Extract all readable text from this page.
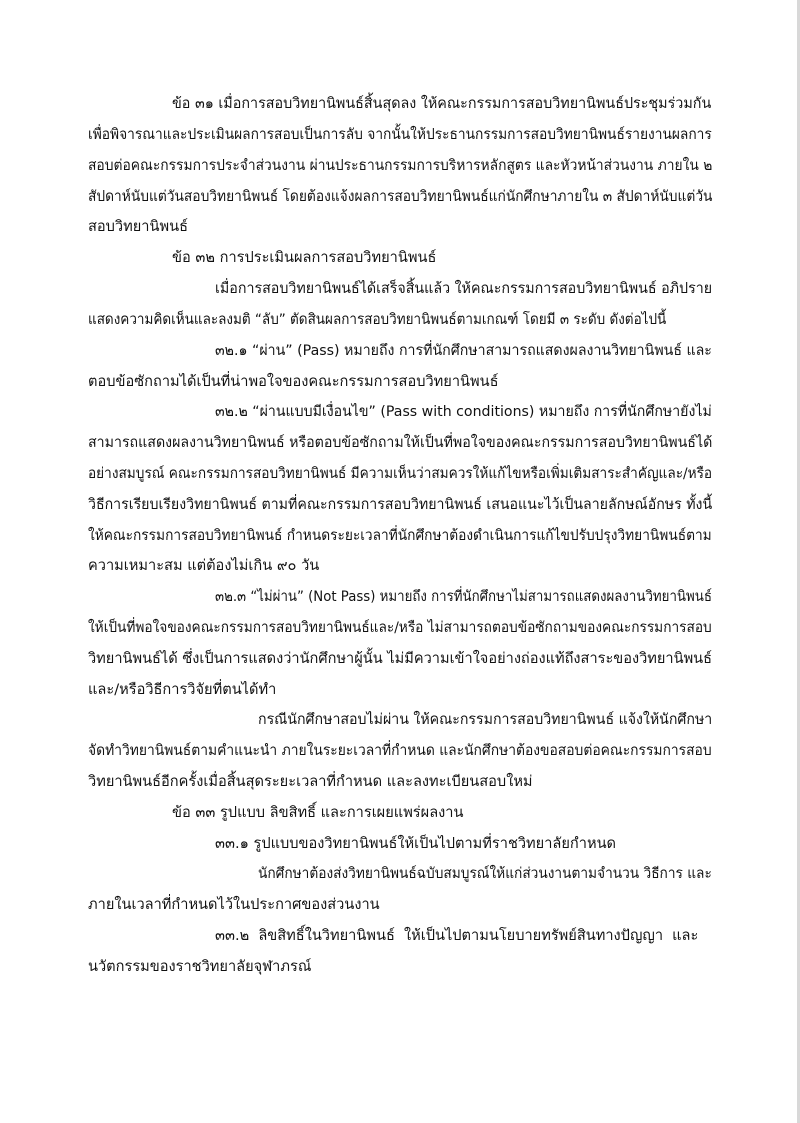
ข้อ ๓๑ เมื่อการสอบวิทยานิพนธ์สิ้นสุดลง ให้คณะกรรมการสอบวิทยานิพนธ์ประชุมร่วมกัน
เพื่อพิจารณาและประเมินผลการสอบเป็นการลับ จากนั้นให้ประธานกรรมการสอบวิทยานิพนธ์รายงานผลการ
สอบต่อคณะกรรมการประจำส่วนงาน ผ่านประธานกรรมการบริหารหลักสูตร และหัวหน้าส่วนงาน ภายใน ๒
สัปดาห์นับแต่วันสอบวิทยานิพนธ์ โดยต้องแจ้งผลการสอบวิทยานิพนธ์แก่นักศึกษาภายใน ๓ สัปดาห์นับแต่วัน
สอบวิทยานิพนธ์
ข้อ ๓๒ การประเมินผลการสอบวิทยานิพนธ์
เมื่อการสอบวิทยานิพนธ์ได้เสร็จสิ้นแล้ว ให้คณะกรรมการสอบวิทยานิพนธ์ อภิปราย
แสดงความคิดเห็นและลงมติ “ลับ” ตัดสินผลการสอบวิทยานิพนธ์ตามเกณฑ์ โดยมี ๓ ระดับ ดังต่อไปนี้
๓๒.๑ “ผ่าน” (Pass) หมายถึง การที่นักศึกษาสามารถแสดงผลงานวิทยานิพนธ์ และ
ตอบข้อซักถามได้เป็นที่น่าพอใจของคณะกรรมการสอบวิทยานิพนธ์
๓๒.๒ “ผ่านแบบมีเงื่อนไข” (Pass with conditions) หมายถึง การที่นักศึกษายังไม่
สามารถแสดงผลงานวิทยานิพนธ์ หรือตอบข้อซักถามให้เป็นที่พอใจของคณะกรรมการสอบวิทยานิพนธ์ได้
อย่างสมบูรณ์ คณะกรรมการสอบวิทยานิพนธ์ มีความเห็นว่าสมควรให้แก้ไขหรือเพิ่มเติมสาระสำคัญและ/หรือ
วิธีการเรียบเรียงวิทยานิพนธ์ ตามที่คณะกรรมการสอบวิทยานิพนธ์ เสนอแนะไว้เป็นลายลักษณ์อักษร ทั้งนี้
ให้คณะกรรมการสอบวิทยานิพนธ์ กำหนดระยะเวลาที่นักศึกษาต้องดำเนินการแก้ไขปรับปรุงวิทยานิพนธ์ตาม
ความเหมาะสม แต่ต้องไม่เกิน ๙๐ วัน
๓๒.๓ “ไม่ผ่าน” (Not Pass) หมายถึง การที่นักศึกษาไม่สามารถแสดงผลงานวิทยานิพนธ์
ให้เป็นที่พอใจของคณะกรรมการสอบวิทยานิพนธ์และ/หรือ ไม่สามารถตอบข้อซักถามของคณะกรรมการสอบ
วิทยานิพนธ์ได้ ซึ่งเป็นการแสดงว่านักศึกษาผู้นั้น ไม่มีความเข้าใจอย่างถ่องแท้ถึงสาระของวิทยานิพนธ์
และ/หรือวิธีการวิจัยที่ตนได้ทำ
กรณีนักศึกษาสอบไม่ผ่าน ให้คณะกรรมการสอบวิทยานิพนธ์ แจ้งให้นักศึกษา
จัดทำวิทยานิพนธ์ตามคำแนะนำ ภายในระยะเวลาที่กำหนด และนักศึกษาต้องขอสอบต่อคณะกรรมการสอบ
วิทยานิพนธ์อีกครั้งเมื่อสิ้นสุดระยะเวลาที่กำหนด และลงทะเบียนสอบใหม่
ข้อ ๓๓ รูปแบบ ลิขสิทธิ์ และการเผยแพร่ผลงาน
๓๓.๑ รูปแบบของวิทยานิพนธ์ให้เป็นไปตามที่ราชวิทยาลัยกำหนด
นักศึกษาต้องส่งวิทยานิพนธ์ฉบับสมบูรณ์ให้แก่ส่วนงานตามจำนวน วิธีการ และ
ภายในเวลาที่กำหนดไว้ในประกาศของส่วนงาน
๓๓.๒ ลิขสิทธิ์ในวิทยานิพนธ์ ให้เป็นไปตามนโยบายทรัพย์สินทางปัญญา และ
นวัตกรรมของราชวิทยาลัยจุฬาภรณ์
